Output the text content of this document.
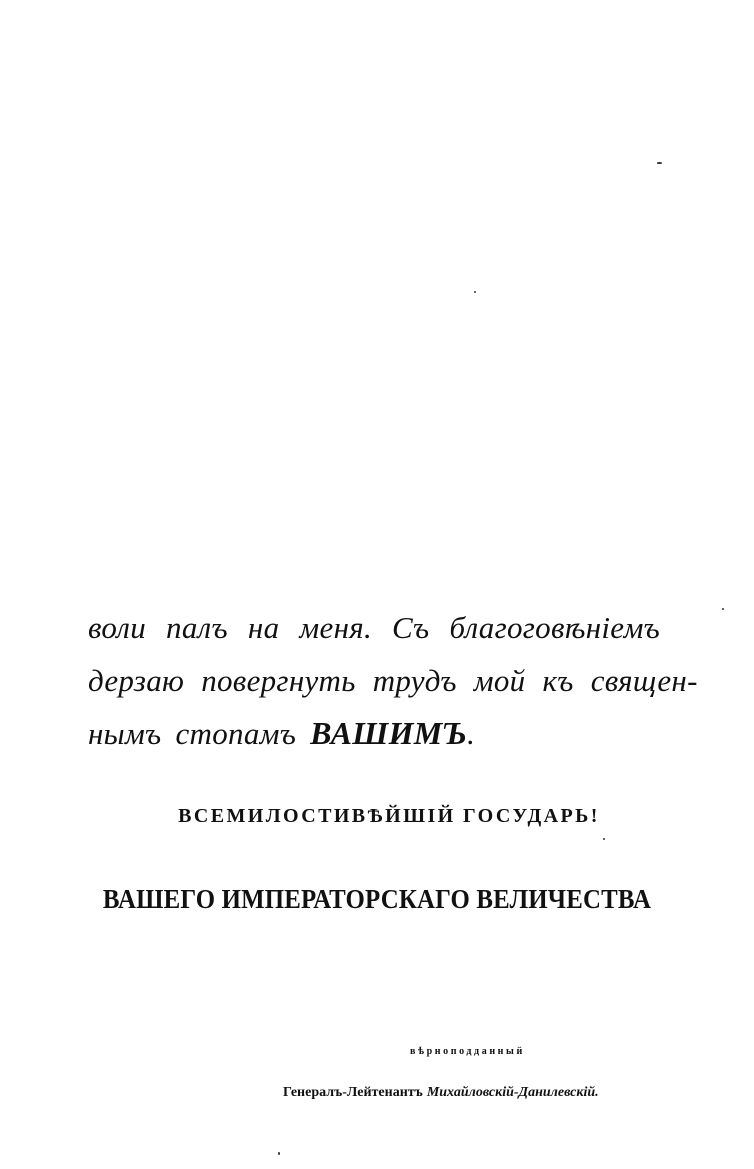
воли палъ на меня. Съ благоговѣніемъ
дерзаю повергнуть трудъ мой къ священ-
нымъ стопамъ ВАШИМЪ.
ВСЕМИЛОСТИВѢЙШІЙ ГОСУДАРЬ!
ВАШЕГО ИМПЕРАТОРСКАГО ВЕЛИЧЕСТВА
вѣрноподданный
Генералъ-Лейтенантъ Михайловскій-Данилевскій.
